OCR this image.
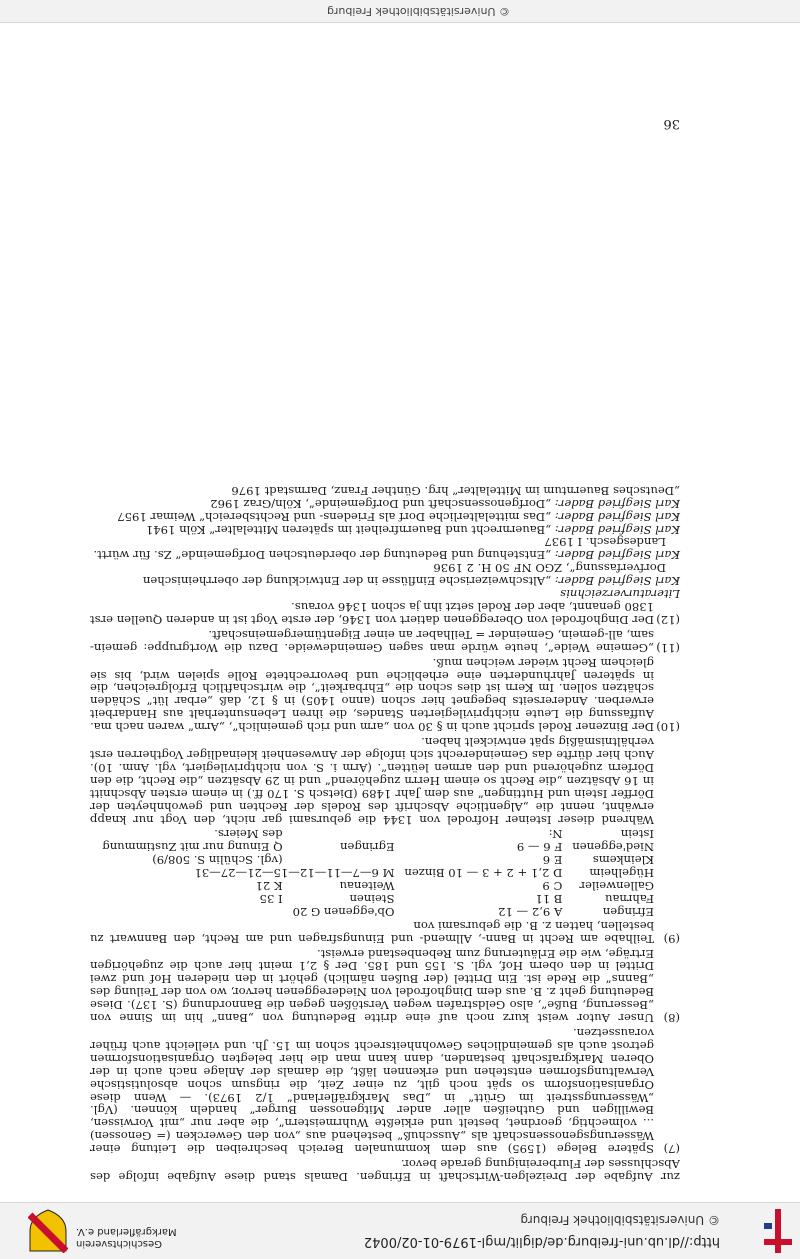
http://dl.ub.uni-freiburg.de/diglit/mgl-1979-01-02/0042
© Universitätsbibliothek Freiburg
Geschichtsverein
Markgräflerland e.V.

zur Aufgabe der Dreizelgen-Wirtschaft in Efringen. Damals stand diese Aufgabe infolge des Abschlusses der Flurbereinigung gerade bevor.

(7)
Spätere Belege (1595) aus dem kommunalen Bereich beschreiben die Leitung einer Wässerungsgenossenschaft als „Ausschuß“ bestehend aus „von den Gewercken (= Genossen) ... volmechtig, geordnet, bestelt und erkießte Wuhrmeistern“, die aber nur „mit Vorwissen, Bewilligen und Gutheißen aller ander Mitgenossen Burger“ handeln können. (Vgl. „Wässerungsstreit im Grütt“ in „Das Markgräflerland“ 1/2 1973). — Wenn diese Organisationsform so spät noch gilt, zu einer Zeit, die ringsum schon absolutistische Verwaltungsformen entstehen und erkennen läßt, die damals der Anlage nach auch in der Oberen Markgrafschaft bestanden, dann kann man die hier belegten Organisationsformen getrost auch als gemeindliches Gewohnheitsrecht schon im 15. Jh. und vielleicht auch früher voraussetzen.
(8)
Unser Autor weist kurz noch auf eine dritte Bedeutung von „Bann“ hin im Sinne von „Besserung, Buße“, also Geldstrafen wegen Verstößen gegen die Bannordnung (S. 137). Diese Bedeutung geht z. B. aus dem Dinghofrodel von Niedereggenen hervor, wo von der Teilung des „Banns“ die Rede ist. Ein Drittel (der Bußen nämlich) gehört in den niederen Hof und zwei Drittel in den obern Hof, vgl. S. 155 und 185. Der § 2,1 meint hier auch die zugehörigen Erträge, wie die Erläuterung zum Rebenbestand erweist.
(9)
Teilhabe am Recht in Bann-, Allmend- und Einungsfragen und am Recht, den Bannwart zu bestellen, hatten z. B. die gebursami von
Efringen	A 9,2 — 12	Ob'eggenen G 20	
Fahrnau	B 11	Steinen	I 35
Gallenweiler	C 9	Weitenau	K 21
Hügelheim	D 2,1 + 2 + 3 — 10 Binzen	M 6—7—11—12—15—21—27—31	
Kleinkems	E 6		(vgl. Schülin S. 508/9)
Nied'eggenen	F 6 — 9	Egringen	Q Einung nur mit Zustimmung
Istein	N:		des Meiers.
Während dieser Isteiner Hofrodel von 1344 die gebursami gar nicht, den Vogt nur knapp erwähnt, nennt die „Algentliche Abschrift des Rodels der Rechten und gewohnheyten der Dörffer Istein und Huttingen“ aus dem Jahr 1489 (Dietsch S. 170 ff.) in einem ersten Abschnitt in 16 Absätzen „die Recht so einem Herrn zugehörend“ und in 29 Absätzen „die Recht, die den Dörfern zugehörend und den armen leütten“. (Arm i. S. von nichtprivilegiert, vgl. Anm. 10). Auch hier dürfte das Gemeinderecht sich infolge der Anwesenheit kleinadliger Vogtherren erst verhältnismäßig spät entwickelt haben.
(10)
Der Binzener Rodel spricht auch in § 30 von „arm und rich gemeinlich“, „Arm“ waren nach ma. Auffassung die Leute nichtprivilegierten Standes, die ihren Lebensunterhalt aus Handarbeit erwerben. Andererseits begegnet hier schon (anno 1405) in § 12, daß „erbar lüt“ Schäden schätzen sollen. Im Kern ist dies schon die „Ehrbarkeit“, die wirtschaftlich Erfolgreichen, die in späteren Jahrhunderten eine erhebliche und bevorrechtete Rolle spielen wird, bis sie gleichem Recht wieder weichen muß.
(11)
„Gemeine Weide“, heute würde man sagen Gemeindeweide. Dazu die Wortgruppe: gemein-sam, all-gemein, Gemeinder = Teilhaber an einer Eigentümergemeinschaft.
(12)
Der Dinghofrodel von Obereggenen datiert von 1346, der erste Vogt ist in anderen Quellen erst 1380 genannt, aber der Rodel setzt ihn ja schon 1346 voraus.

Literaturverzeichnis

Karl Siegfried Bader: „Altschweizerische Einflüsse in der Entwicklung der oberrheinischen Dorfverfassung“, ZGO NF 50 H. 2 1936

Karl Siegfried Bader: „Entstehung und Bedeutung der oberdeutschen Dorfgemeinde“ Zs. für württ. Landesgesch. I 1937

Karl Siegfried Bader: „Bauernrecht und Bauernfreiheit im späteren Mittelalter“ Köln 1941

Karl Siegfried Bader: „Das mittelalterliche Dorf als Friedens- und Rechtsbereich“ Weimar 1957

Karl Siegfried Bader: „Dorfgenossenschaft und Dorfgemeinde“, Köln/Graz 1962

„Deutsches Bauerntum im Mittelalter“ hrg. Günther Franz, Darmstadt 1976

36
© Universitätsbibliothek Freiburg
